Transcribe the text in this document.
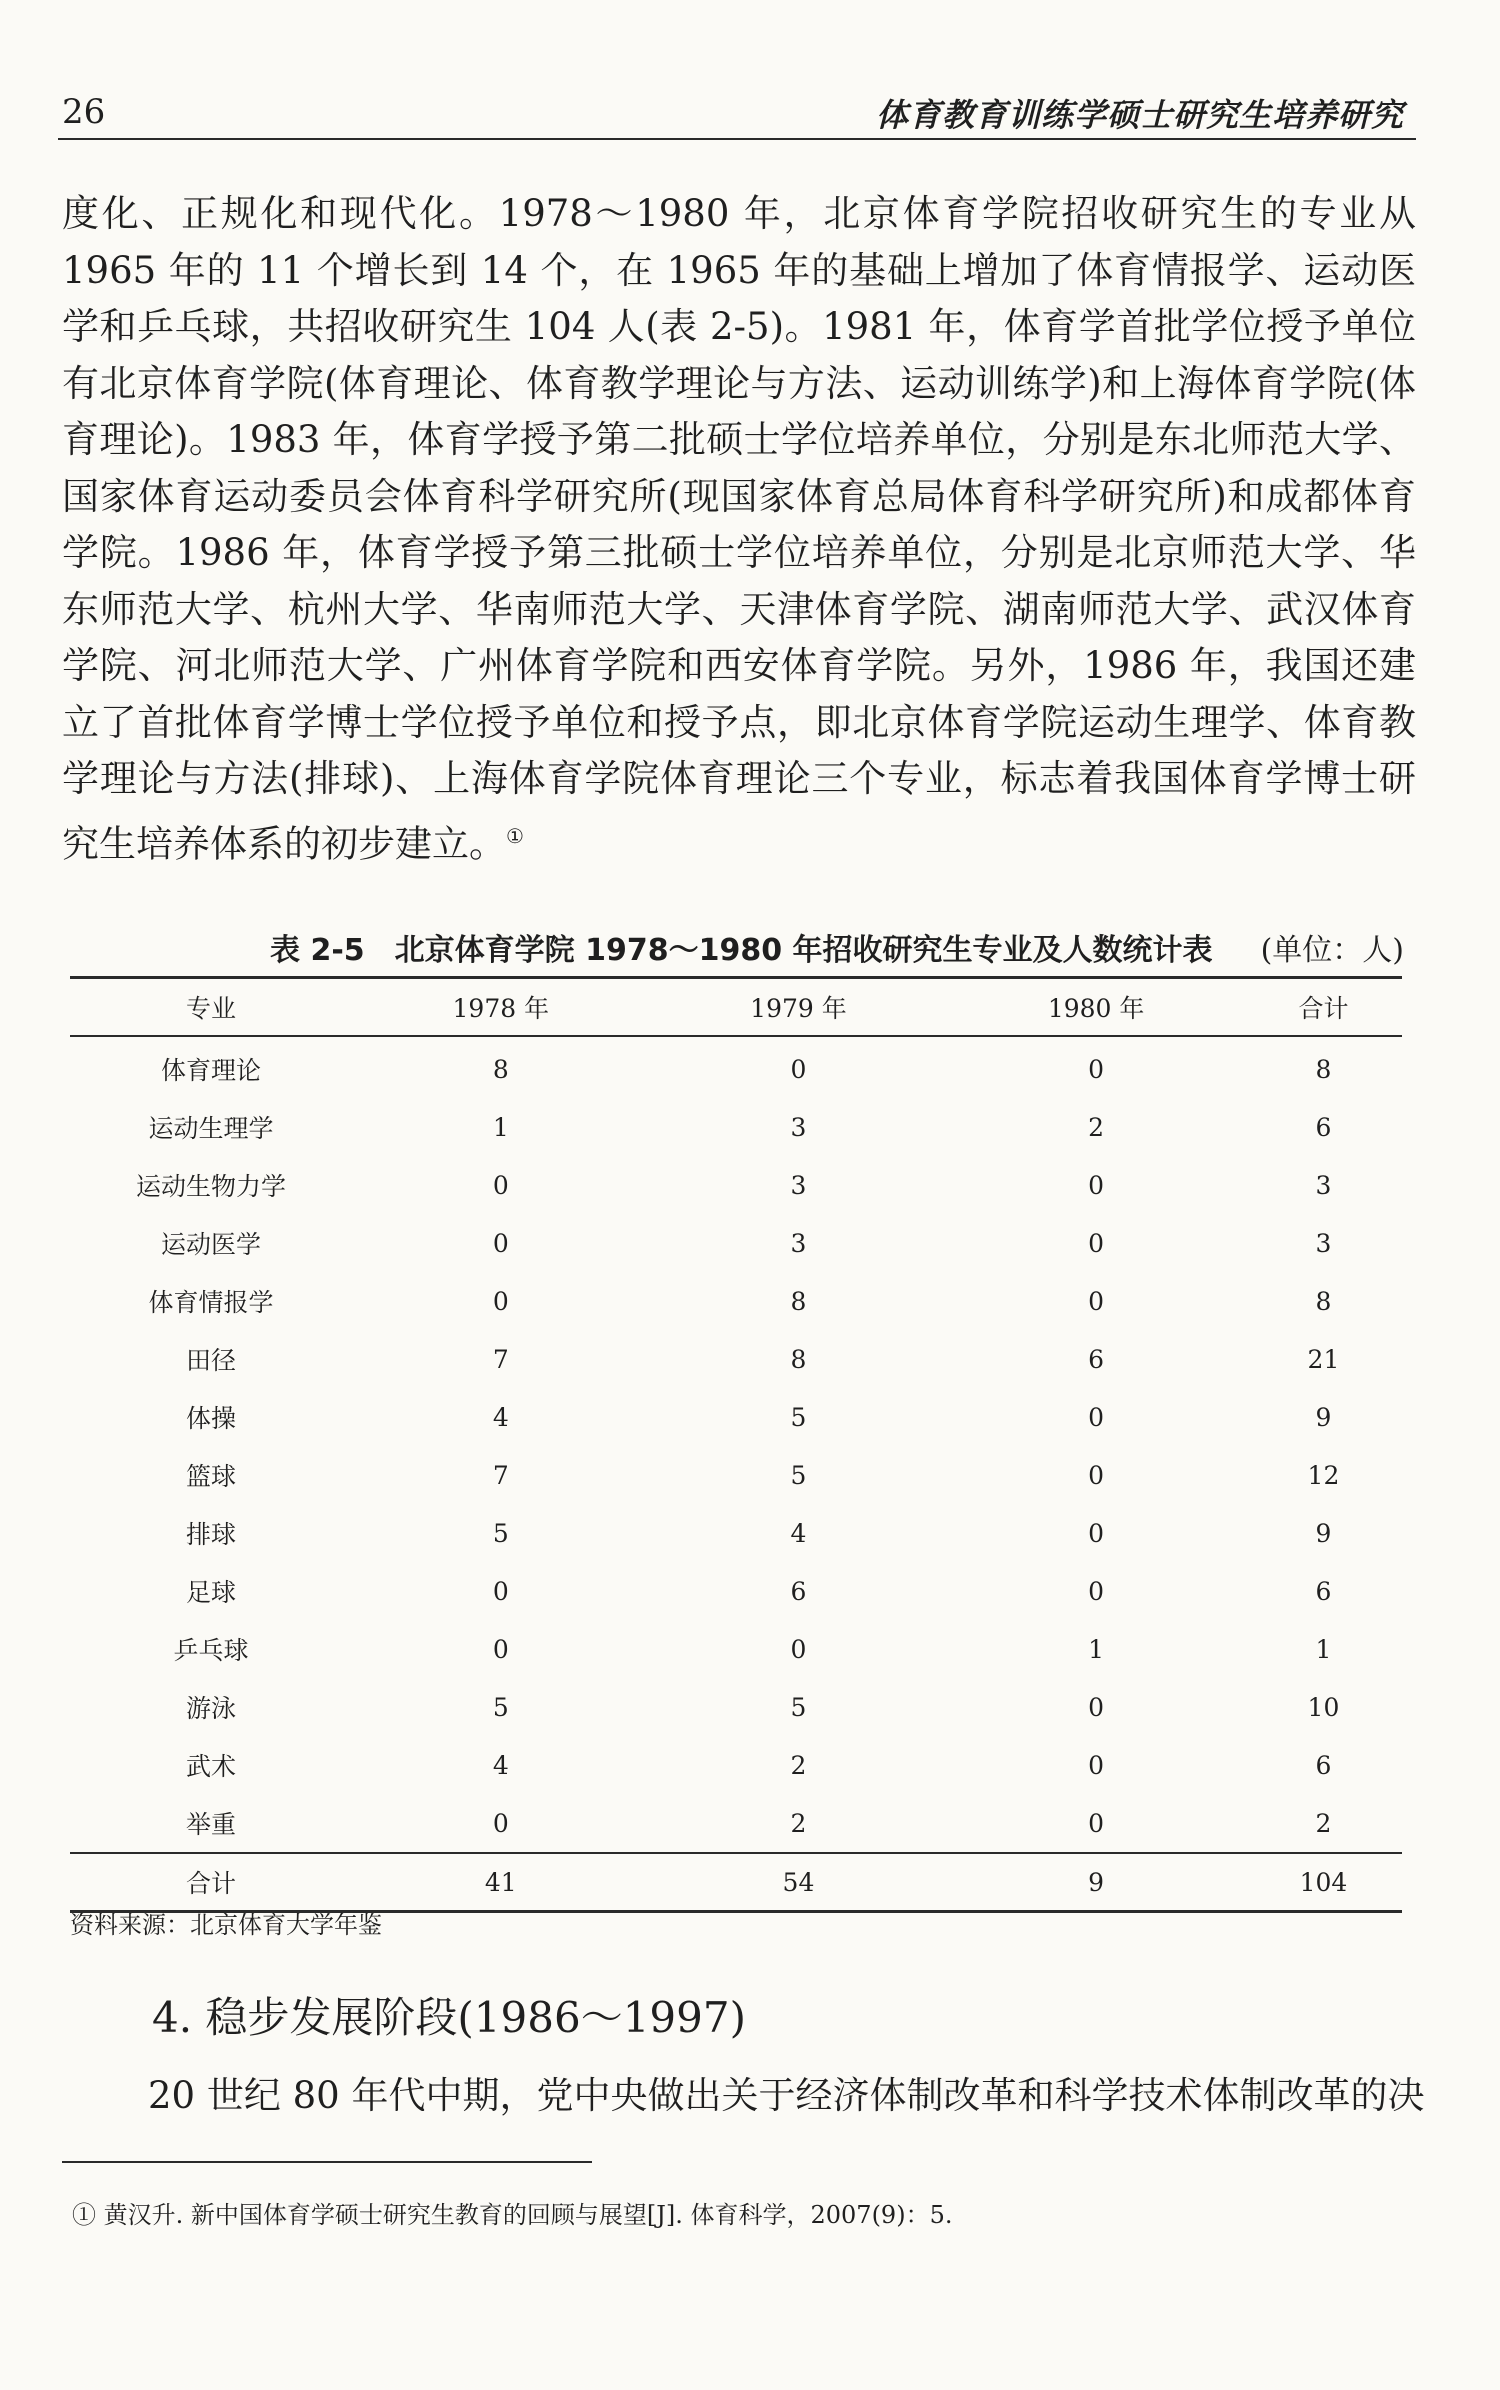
26	体育教育训练学硕士研究生培养研究
度化、正规化和现代化。1978～1980 年，北京体育学院招收研究生的专业从 1965 年的 11 个增长到 14 个，在 1965 年的基础上增加了体育情报学、运动医学和乒乓球，共招收研究生 104 人(表 2-5)。1981 年，体育学首批学位授予单位有北京体育学院(体育理论、体育教学理论与方法、运动训练学)和上海体育学院(体育理论)。1983 年，体育学授予第二批硕士学位培养单位，分别是东北师范大学、国家体育运动委员会体育科学研究所(现国家体育总局体育科学研究所)和成都体育学院。1986 年，体育学授予第三批硕士学位培养单位，分别是北京师范大学、华东师范大学、杭州大学、华南师范大学、天津体育学院、湖南师范大学、武汉体育学院、河北师范大学、广州体育学院和西安体育学院。另外，1986 年，我国还建立了首批体育学博士学位授予单位和授予点，即北京体育学院运动生理学、体育教学理论与方法(排球)、上海体育学院体育理论三个专业，标志着我国体育学博士研究生培养体系的初步建立。①
表 2-5　北京体育学院 1978～1980 年招收研究生专业及人数统计表 (单位：人)
专业	1978 年	1979 年	1980 年	合计
体育理论	8	0	0	8
运动生理学	1	3	2	6
运动生物力学	0	3	0	3
运动医学	0	3	0	3
体育情报学	0	8	0	8
田径	7	8	6	21
体操	4	5	0	9
篮球	7	5	0	12
排球	5	4	0	9
足球	0	6	0	6
乒乓球	0	0	1	1
游泳	5	5	0	10
武术	4	2	0	6
举重	0	2	0	2
合计	41	54	9	104
资料来源：北京体育大学年鉴
4. 稳步发展阶段(1986～1997)
20 世纪 80 年代中期，党中央做出关于经济体制改革和科学技术体制改革的决
① 黄汉升. 新中国体育学硕士研究生教育的回顾与展望[J]. 体育科学，2007(9)：5.
